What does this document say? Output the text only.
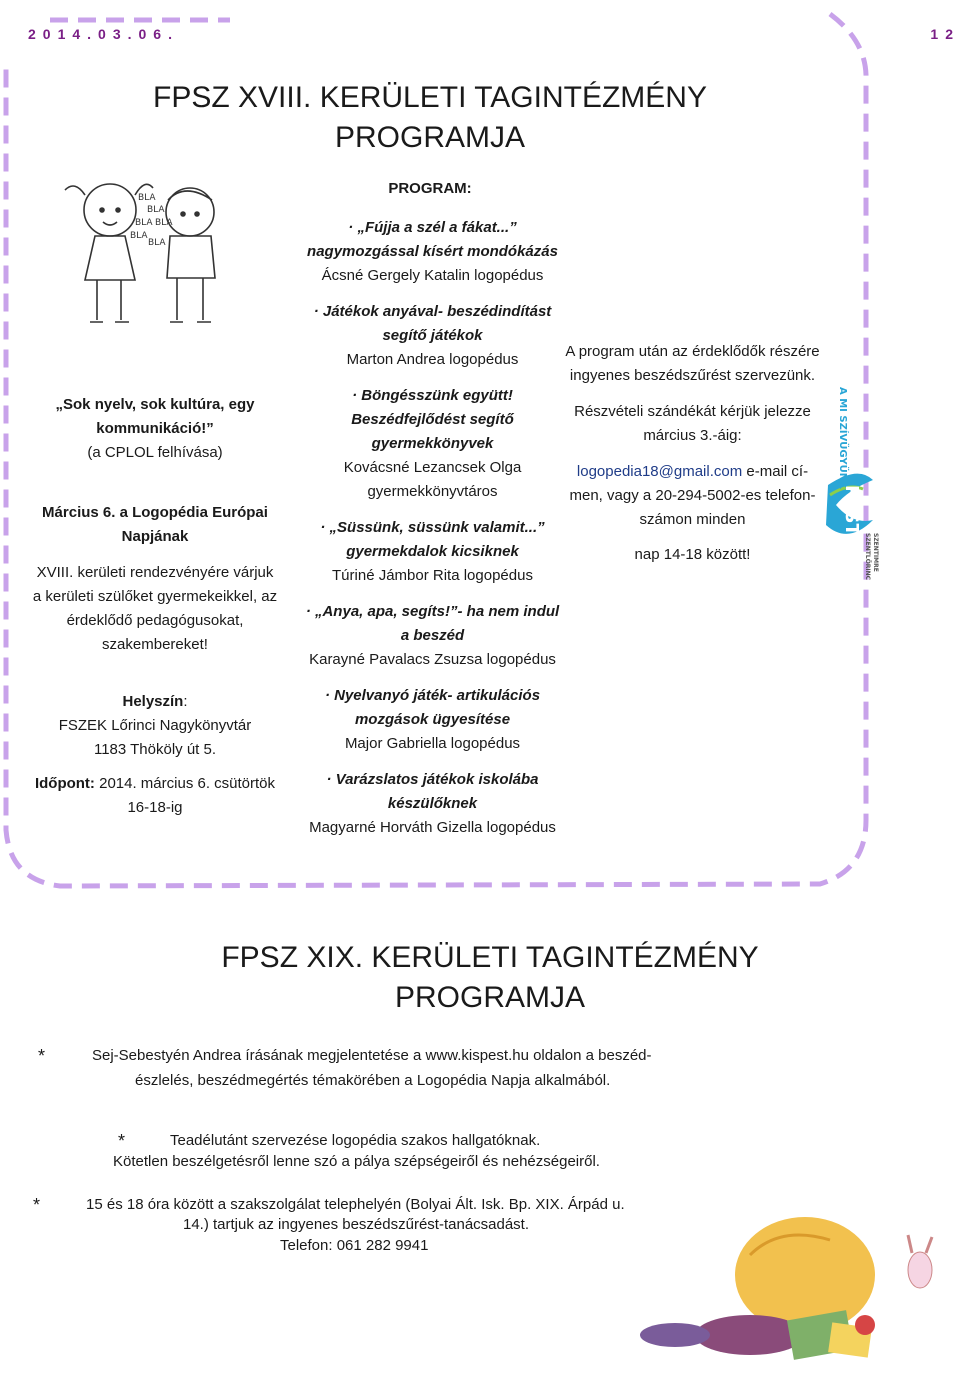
2014.03.06.	12
FPSZ XVIII. KERÜLETI TAGINTÉZMÉNY
PROGRAMJA
BLA
BLA
BLA BLA
BLA
BLA
„Sok nyelv, sok kultúra, egy
kommunikáció!”
(a CPLOL felhívása)
Március 6. a Logopédia Európai
Napjának
XVIII. kerületi rendezvényére várjuk
a kerületi szülőket gyermekeikkel, az
érdeklődő pedagógusokat,
szakembereket!
Helyszín:
FSZEK Lőrinci Nagykönyvtár
1183 Thököly út 5.
Időpont: 2014. március 6. csütörtök
16-18-ig
PROGRAM:
· „Fújja a szél a fákat...”
nagymozgással kísért mondókázás
Ácsné Gergely Katalin logopédus
· Játékok anyával- beszédindítást
segítő játékok
Marton Andrea logopédus
· Böngésszünk együtt!
Beszédfejlődést segítő
gyermekkönyvek
Kovácsné Lezancsek Olga
gyermekkönyvtáros
· „Süssünk, süssünk valamit...”
gyermekdalok kicsiknek
Túriné Jámbor Rita logopédus
· „Anya, apa, segíts!”- ha nem indul
a beszéd
Karayné Pavalacs Zsuzsa logopédus
· Nyelvanyó játék- artikulációs
mozgások ügyesítése
Major Gabriella logopédus
· Varázslatos játékok iskolába
készülőknek
Magyarné Horváth Gizella logopédus
A program után az érdeklődők részére
ingyenes beszédszűrést szervezünk.
Részvételi szándékát kérjük jelezze
március 3.-áig:
logopedia18@gmail.com e-mail cí-
men, vagy a 20-294-5002-es telefon-
számon minden
nap 14-18 között!
A MI SZÍVÜGYÜNK
PEST
SZENTLŐRINC SZENTIMRE
FPSZ XIX. KERÜLETI TAGINTÉZMÉNY
PROGRAMJA
*	Sej-Sebestyén Andrea írásának megjelentetése a www.kispest.hu oldalon a beszéd-
észlelés, beszédmegértés témakörében a Logopédia Napja alkalmából.
*	Teadélutánt szervezése logopédia szakos hallgatóknak.
Kötetlen beszélgetésről lenne szó a pálya szépségeiről és nehézségeiről.
*	15 és 18 óra között a szakszolgálat telephelyén (Bolyai Ált. Isk. Bp. XIX. Árpád u.
14.) tartjuk az ingyenes beszédszűrést-tanácsadást.
Telefon: 061 282 9941
